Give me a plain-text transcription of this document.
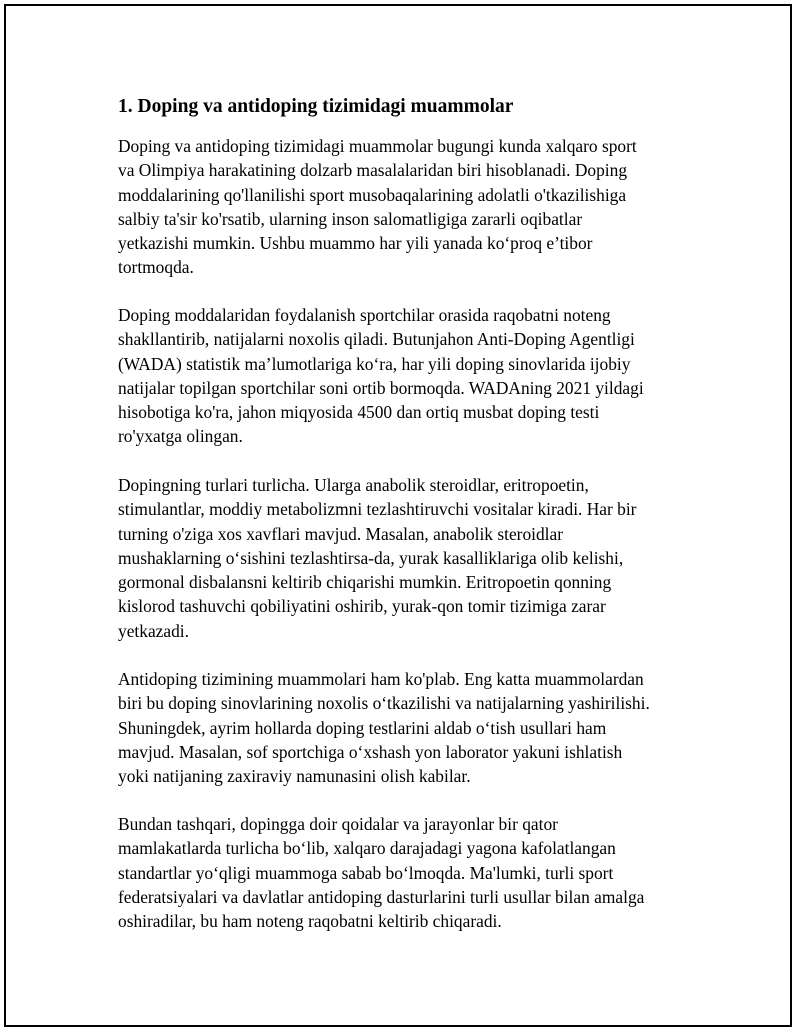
1. Doping va antidoping tizimidagi muammolar

Doping va antidoping tizimidagi muammolar bugungi kunda xalqaro sport
va Olimpiya harakatining dolzarb masalalaridan biri hisoblanadi. Doping
moddalarining qo'llanilishi sport musobaqalarining adolatli o'tkazilishiga
salbiy ta'sir ko'rsatib, ularning inson salomatligiga zararli oqibatlar
yetkazishi mumkin. Ushbu muammo har yili yanada ko‘proq e’tibor
tortmoqda.

Doping moddalaridan foydalanish sportchilar orasida raqobatni noteng
shakllantirib, natijalarni noxolis qiladi. Butunjahon Anti-Doping Agentligi
(WADA) statistik ma’lumotlariga ko‘ra, har yili doping sinovlarida ijobiy
natijalar topilgan sportchilar soni ortib bormoqda. WADAning 2021 yildagi
hisobotiga ko'ra, jahon miqyosida 4500 dan ortiq musbat doping testi
ro'yxatga olingan.

Dopingning turlari turlicha. Ularga anabolik steroidlar, eritropoetin,
stimulantlar, moddiy metabolizmni tezlashtiruvchi vositalar kiradi. Har bir
turning o'ziga xos xavflari mavjud. Masalan, anabolik steroidlar
mushaklarning o‘sishini tezlashtirsa-da, yurak kasalliklariga olib kelishi,
gormonal disbalansni keltirib chiqarishi mumkin. Eritropoetin qonning
kislorod tashuvchi qobiliyatini oshirib, yurak-qon tomir tizimiga zarar
yetkazadi.

Antidoping tizimining muammolari ham ko'plab. Eng katta muammolardan
biri bu doping sinovlarining noxolis o‘tkazilishi va natijalarning yashirilishi.
Shuningdek, ayrim hollarda doping testlarini aldab o‘tish usullari ham
mavjud. Masalan, sof sportchiga o‘xshash yon laborator yakuni ishlatish
yoki natijaning zaxiraviy namunasini olish kabilar.

Bundan tashqari, dopingga doir qoidalar va jarayonlar bir qator
mamlakatlarda turlicha bo‘lib, xalqaro darajadagi yagona kafolatlangan
standartlar yo‘qligi muammoga sabab bo‘lmoqda. Ma'lumki, turli sport
federatsiyalari va davlatlar antidoping dasturlarini turli usullar bilan amalga
oshiradilar, bu ham noteng raqobatni keltirib chiqaradi.
